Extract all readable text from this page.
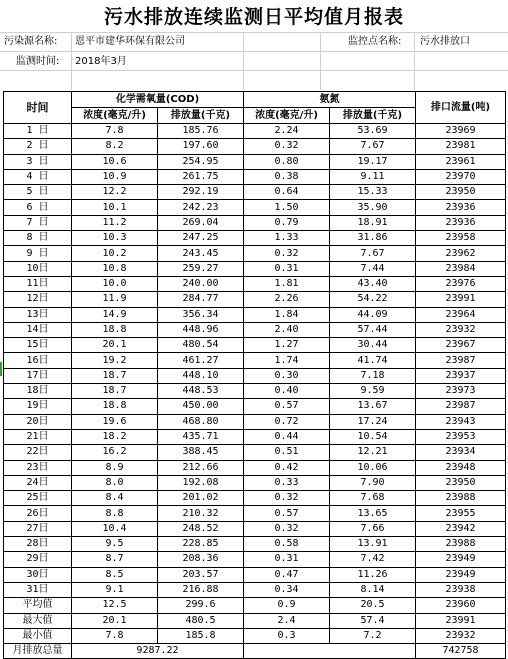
污水排放连续监测日平均值月报表
污染源名称: 恩平市建华环保有限公司	监控点名称: 污水排放口
监测时间: 2018年3月
时间	化学需氧量(COD)		氨氮		排口流量(吨)
	浓度(毫克/升)	排放量(千克)	浓度(毫克/升)	排放量(千克)	
1 日	7.8	185.76	2.24	53.69	23969
2 日	8.2	197.60	0.32	7.67	23981
3 日	10.6	254.95	0.80	19.17	23961
4 日	10.9	261.75	0.38	9.11	23970
5 日	12.2	292.19	0.64	15.33	23950
6 日	10.1	242.23	1.50	35.90	23936
7 日	11.2	269.04	0.79	18.91	23936
8 日	10.3	247.25	1.33	31.86	23958
9 日	10.2	243.45	0.32	7.67	23962
10日	10.8	259.27	0.31	7.44	23984
11日	10.0	240.00	1.81	43.40	23976
12日	11.9	284.77	2.26	54.22	23991
13日	14.9	356.34	1.84	44.09	23964
14日	18.8	448.96	2.40	57.44	23932
15日	20.1	480.54	1.27	30.44	23967
16日	19.2	461.27	1.74	41.74	23987
17日	18.7	448.10	0.30	7.18	23937
18日	18.7	448.53	0.40	9.59	23973
19日	18.8	450.00	0.57	13.67	23987
20日	19.6	468.80	0.72	17.24	23943
21日	18.2	435.71	0.44	10.54	23953
22日	16.2	388.45	0.51	12.21	23934
23日	8.9	212.66	0.42	10.06	23948
24日	8.0	192.08	0.33	7.90	23950
25日	8.4	201.02	0.32	7.68	23988
26日	8.8	210.32	0.57	13.65	23955
27日	10.4	248.52	0.32	7.66	23942
28日	9.5	228.85	0.58	13.91	23988
29日	8.7	208.36	0.31	7.42	23949
30日	8.5	203.57	0.47	11.26	23949
31日	9.1	216.88	0.34	8.14	23938
平均值	12.5	299.6	0.9	20.5	23960
最大值	20.1	480.5	2.4	57.4	23991
最小值	7.8	185.8	0.3	7.2	23932
月排放总量	9287.22				742758
